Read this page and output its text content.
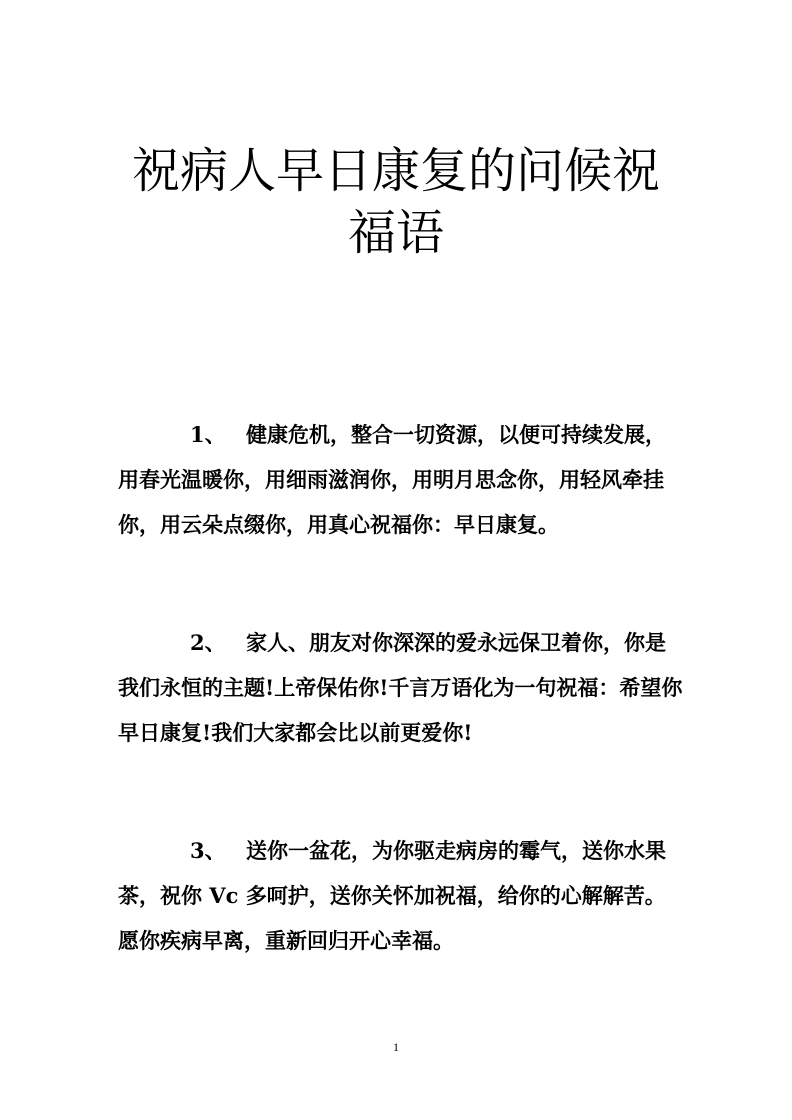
祝病人早日康复的问候祝
福语

1、 健康危机，整合一切资源，以便可持续发展，用春光温暖你，用细雨滋润你，用明月思念你，用轻风牵挂你，用云朵点缀你，用真心祝福你：早日康复。

2、 家人、朋友对你深深的爱永远保卫着你，你是我们永恒的主题!上帝保佑你!千言万语化为一句祝福：希望你早日康复!我们大家都会比以前更爱你!

3、 送你一盆花，为你驱走病房的霉气，送你水果茶，祝你 Vc 多呵护，送你关怀加祝福，给你的心解解苦。愿你疾病早离，重新回归开心幸福。

1
